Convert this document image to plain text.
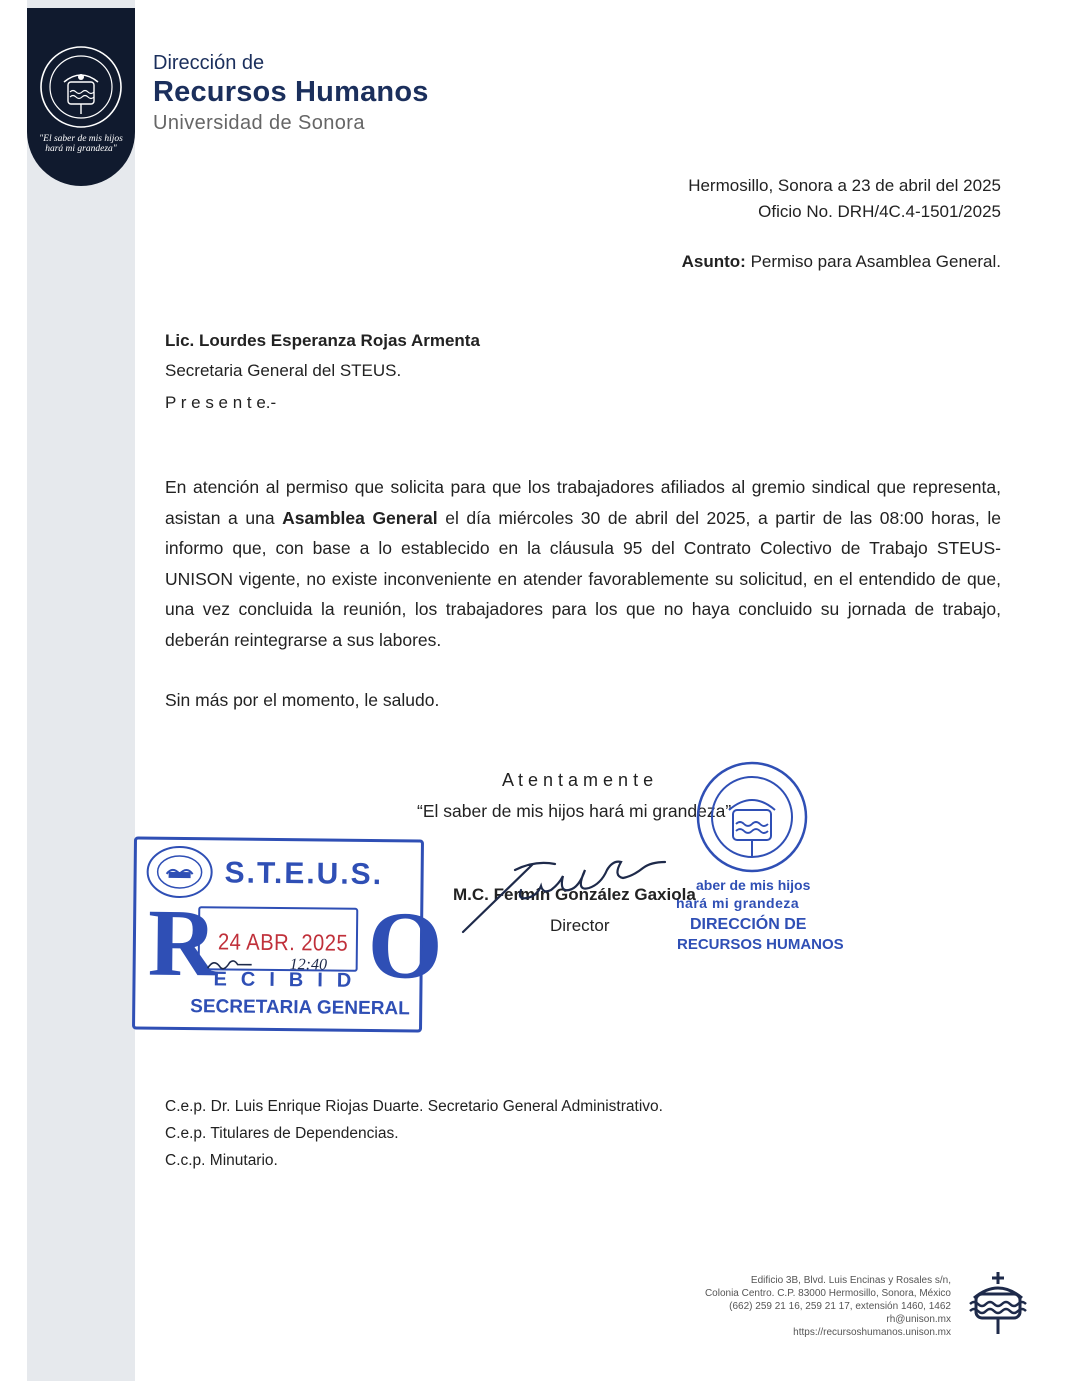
"El saber de mis hijos hará mi grandeza"
Dirección de
Recursos Humanos
Universidad de Sonora
Hermosillo, Sonora a 23 de abril del 2025
Oficio No. DRH/4C.4-1501/2025
Asunto: Permiso para Asamblea General.
Lic. Lourdes Esperanza Rojas Armenta
Secretaria General del STEUS.
P r e s e n t e.-
En atención al permiso que solicita para que los trabajadores afiliados al gremio sindical que representa, asistan a una Asamblea General el día miércoles 30 de abril del 2025, a partir de las 08:00 horas, le informo que, con base a lo establecido en la cláusula 95 del Contrato Colectivo de Trabajo STEUS-UNISON vigente, no existe inconveniente en atender favorablemente su solicitud, en el entendido de que, una vez concluida la reunión, los trabajadores para los que no haya concluido su jornada de trabajo, deberán reintegrarse a sus labores.
Sin más por el momento, le saludo.
A t e n t a m e n t e
“El saber de mis hijos hará mi grandeza”
aber de mis hijos
hará mi grandeza
DIRECCIÓN DE
RECURSOS HUMANOS
M.C. Fermín González Gaxiola
Director
S.T.E.U.S.
R O
24 ABR. 2025
12:40
ECIBID
SECRETARIA GENERAL
C.e.p. Dr. Luis Enrique Riojas Duarte. Secretario General Administrativo.
C.e.p. Titulares de Dependencias.
C.c.p. Minutario.
Edificio 3B, Blvd. Luis Encinas y Rosales s/n,
Colonia Centro. C.P. 83000 Hermosillo, Sonora, México
(662) 259 21 16, 259 21 17, extensión 1460, 1462
rh@unison.mx
https://recursoshumanos.unison.mx
